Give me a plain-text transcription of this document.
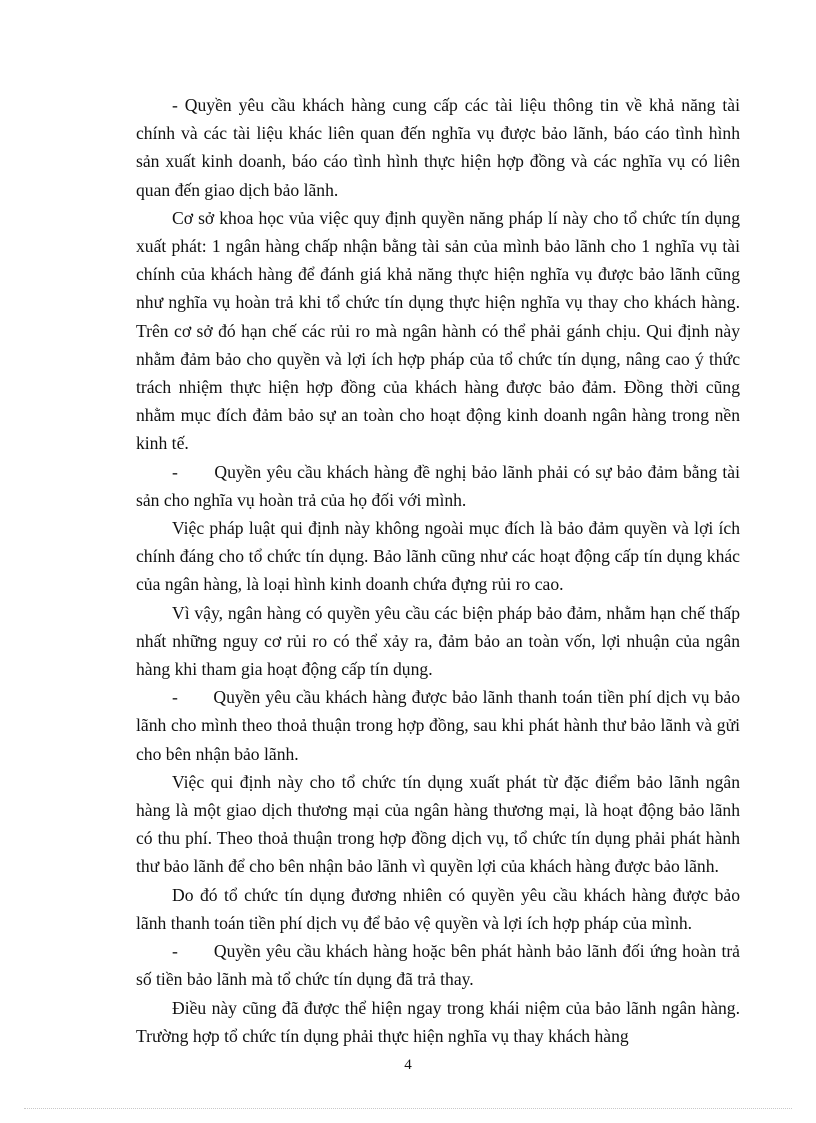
- Quyền yêu cầu khách hàng cung cấp các tài liệu thông tin về khả năng tài chính và các tài liệu khác liên quan đến nghĩa vụ được bảo lãnh, báo cáo tình hình sản xuất kinh doanh, báo cáo tình hình thực hiện hợp đồng và các nghĩa vụ có liên quan đến giao dịch bảo lãnh.

Cơ sở khoa học vủa việc quy định quyền năng pháp lí này cho tổ chức tín dụng xuất phát: 1 ngân hàng chấp nhận bằng tài sản của mình bảo lãnh cho 1 nghĩa vụ tài chính của khách hàng để đánh giá khả năng thực hiện nghĩa vụ được bảo lãnh cũng như nghĩa vụ hoàn trả khi tổ chức tín dụng thực hiện nghĩa vụ thay cho khách hàng. Trên cơ sở đó hạn chế các rủi ro mà ngân hành có thể phải gánh chịu. Qui định này nhằm đảm bảo cho quyền và lợi ích hợp pháp của tổ chức tín dụng, nâng cao ý thức trách nhiệm thực hiện hợp đồng của khách hàng được bảo đảm. Đồng thời cũng nhằm mục đích đảm bảo sự an toàn cho hoạt động kinh doanh ngân hàng trong nền kinh tế.

-       Quyền yêu cầu khách hàng đề nghị bảo lãnh phải có sự bảo đảm bằng tài sản cho nghĩa vụ hoàn trả của họ đối với mình.

Việc pháp luật qui định này không ngoài mục đích là bảo đảm quyền và lợi ích chính đáng cho tổ chức tín dụng. Bảo lãnh cũng như các hoạt động cấp tín dụng khác của ngân hàng, là loại hình kinh doanh chứa đựng rủi ro cao.

Vì vậy, ngân hàng có quyền yêu cầu các biện pháp bảo đảm, nhằm hạn chế thấp nhất những nguy cơ rủi ro có thể xảy ra, đảm bảo an toàn vốn, lợi nhuận của ngân hàng khi tham gia hoạt động cấp tín dụng.

-       Quyền yêu cầu khách hàng được bảo lãnh thanh toán tiền phí dịch vụ bảo lãnh cho mình theo thoả thuận trong hợp đồng, sau khi phát hành thư bảo lãnh và gửi cho bên nhận bảo lãnh.

Việc qui định này cho tổ chức tín dụng xuất phát từ đặc điểm bảo lãnh ngân hàng là một giao dịch thương mại của ngân hàng thương mại, là hoạt động bảo lãnh có thu phí. Theo thoả thuận trong hợp đồng dịch vụ, tổ chức tín dụng phải phát hành thư bảo lãnh để cho bên nhận bảo lãnh vì quyền lợi của khách hàng được bảo lãnh.

Do đó tổ chức tín dụng đương nhiên có quyền yêu cầu khách hàng được bảo lãnh thanh toán tiền phí dịch vụ để bảo vệ quyền và lợi ích hợp pháp của mình.

-       Quyền yêu cầu khách hàng hoặc bên phát hành bảo lãnh đối ứng hoàn trả số tiền bảo lãnh mà tổ chức tín dụng đã trả thay.

Điều này cũng đã được thể hiện ngay trong khái niệm của bảo lãnh ngân hàng. Trường hợp tổ chức tín dụng phải thực hiện nghĩa vụ thay khách hàng

4
